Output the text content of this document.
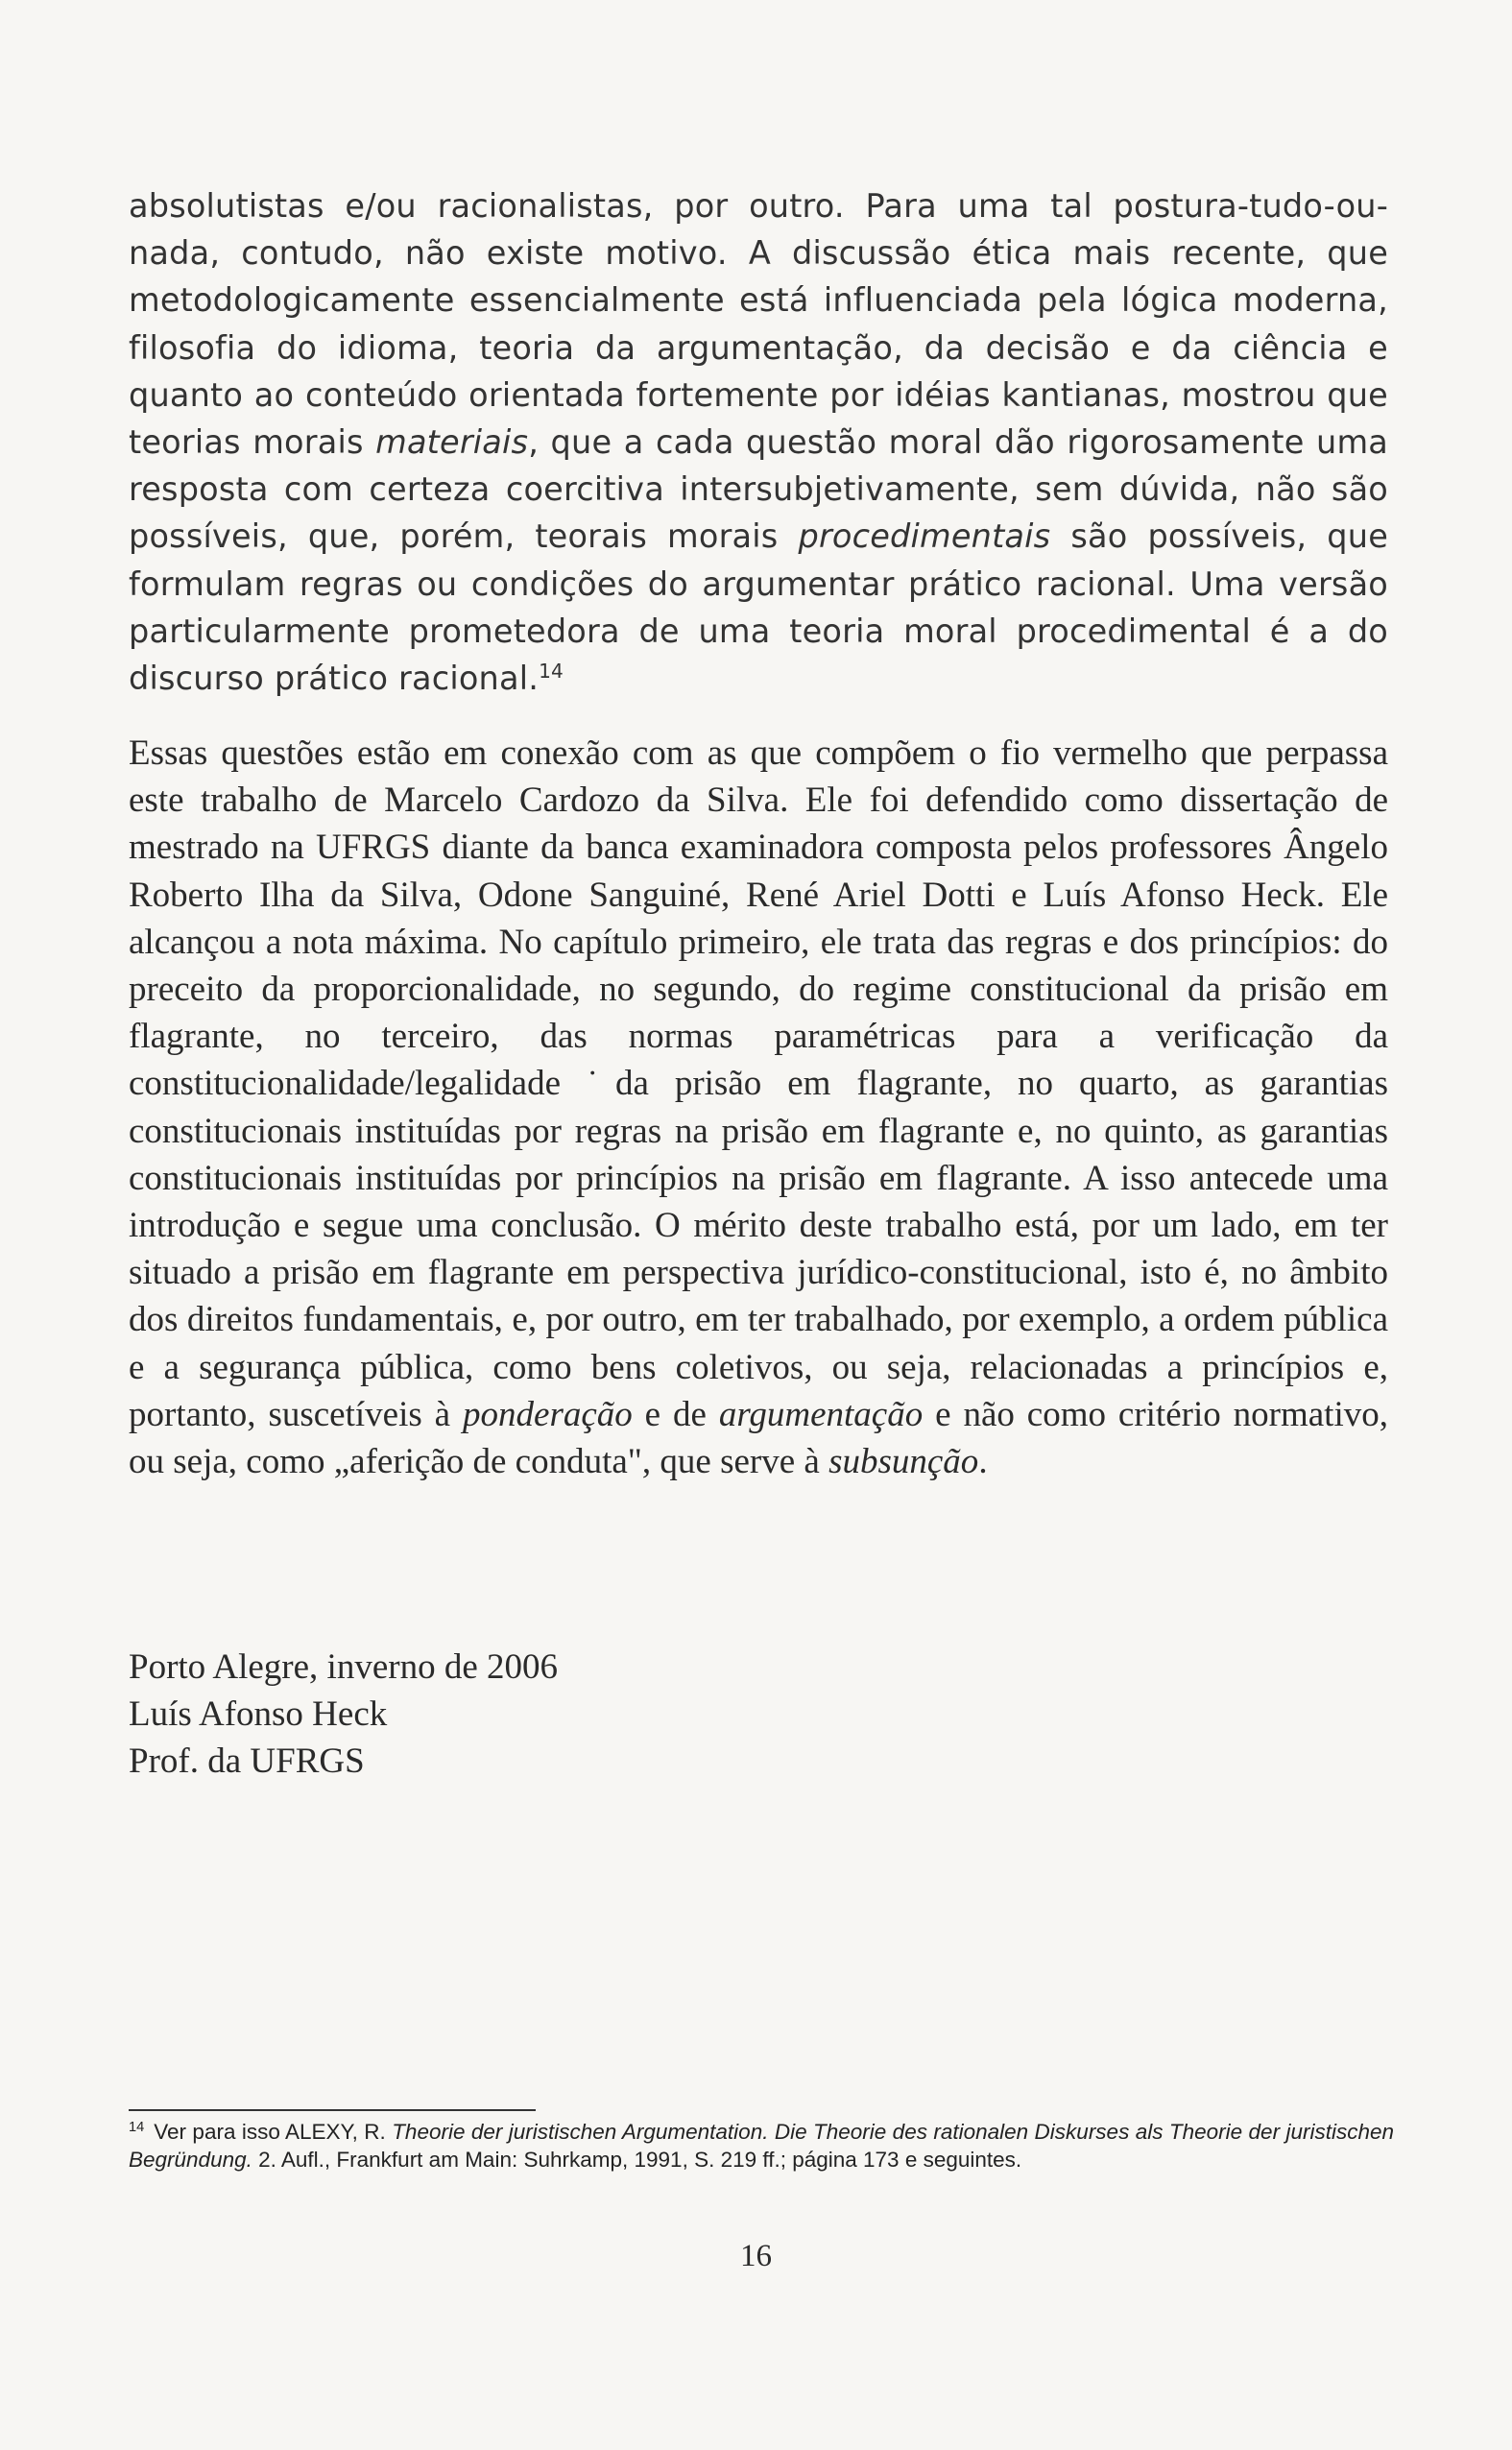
absolutistas e/ou racionalistas, por outro. Para uma tal postura-tudo-ou-nada, contudo, não existe motivo. A discussão ética mais recente, que metodologicamente essencialmente está influenciada pela lógica moderna, filosofia do idioma, teoria da argumentação, da decisão e da ciência e quanto ao conteúdo orientada fortemente por idéias kantianas, mostrou que teorias morais materiais, que a cada questão moral dão rigorosamente uma resposta com certeza coercitiva intersubjetivamente, sem dúvida, não são possíveis, que, porém, teorais morais procedimentais são possíveis, que formulam regras ou condições do argumentar prático racional. Uma versão particularmente prometedora de uma teoria moral procedimental é a do discurso prático racional.$^{14}$

Essas questões estão em conexão com as que compõem o fio vermelho que perpassa este trabalho de Marcelo Cardozo da Silva. Ele foi defendido como dissertação de mestrado na UFRGS diante da banca examinadora composta pelos professores Ângelo Roberto Ilha da Silva, Odone Sanguiné, René Ariel Dotti e Luís Afonso Heck. Ele alcançou a nota máxima. No capítulo primeiro, ele trata das regras e dos princípios: do preceito da proporcionalidade, no segundo, do regime constitucional da prisão em flagrante, no terceiro, das normas paramétricas para a verificação da constitucionalidade/legalidade ˙da prisão em flagrante, no quarto, as garantias constitucionais instituídas por regras na prisão em flagrante e, no quinto, as garantias constitucionais instituídas por princípios na prisão em flagrante. A isso antecede uma introdução e segue uma conclusão. O mérito deste trabalho está, por um lado, em ter situado a prisão em flagrante em perspectiva jurídico-constitucional, isto é, no âmbito dos direitos fundamentais, e, por outro, em ter trabalhado, por exemplo, a ordem pública e a segurança pública, como bens coletivos, ou seja, relacionadas a princípios e, portanto, suscetíveis à ponderação e de argumentação e não como critério normativo, ou seja, como „aferição de conduta", que serve à subsunção.

Porto Alegre, inverno de 2006
Luís Afonso Heck
Prof. da UFRGS

$^{14}$ Ver para isso ALEXY, R. Theorie der juristischen Argumentation. Die Theorie des rationalen Diskurses als Theorie der juristischen Begründung. 2. Aufl., Frankfurt am Main: Suhrkamp, 1991, S. 219 ff.; página 173 e seguintes.

16
